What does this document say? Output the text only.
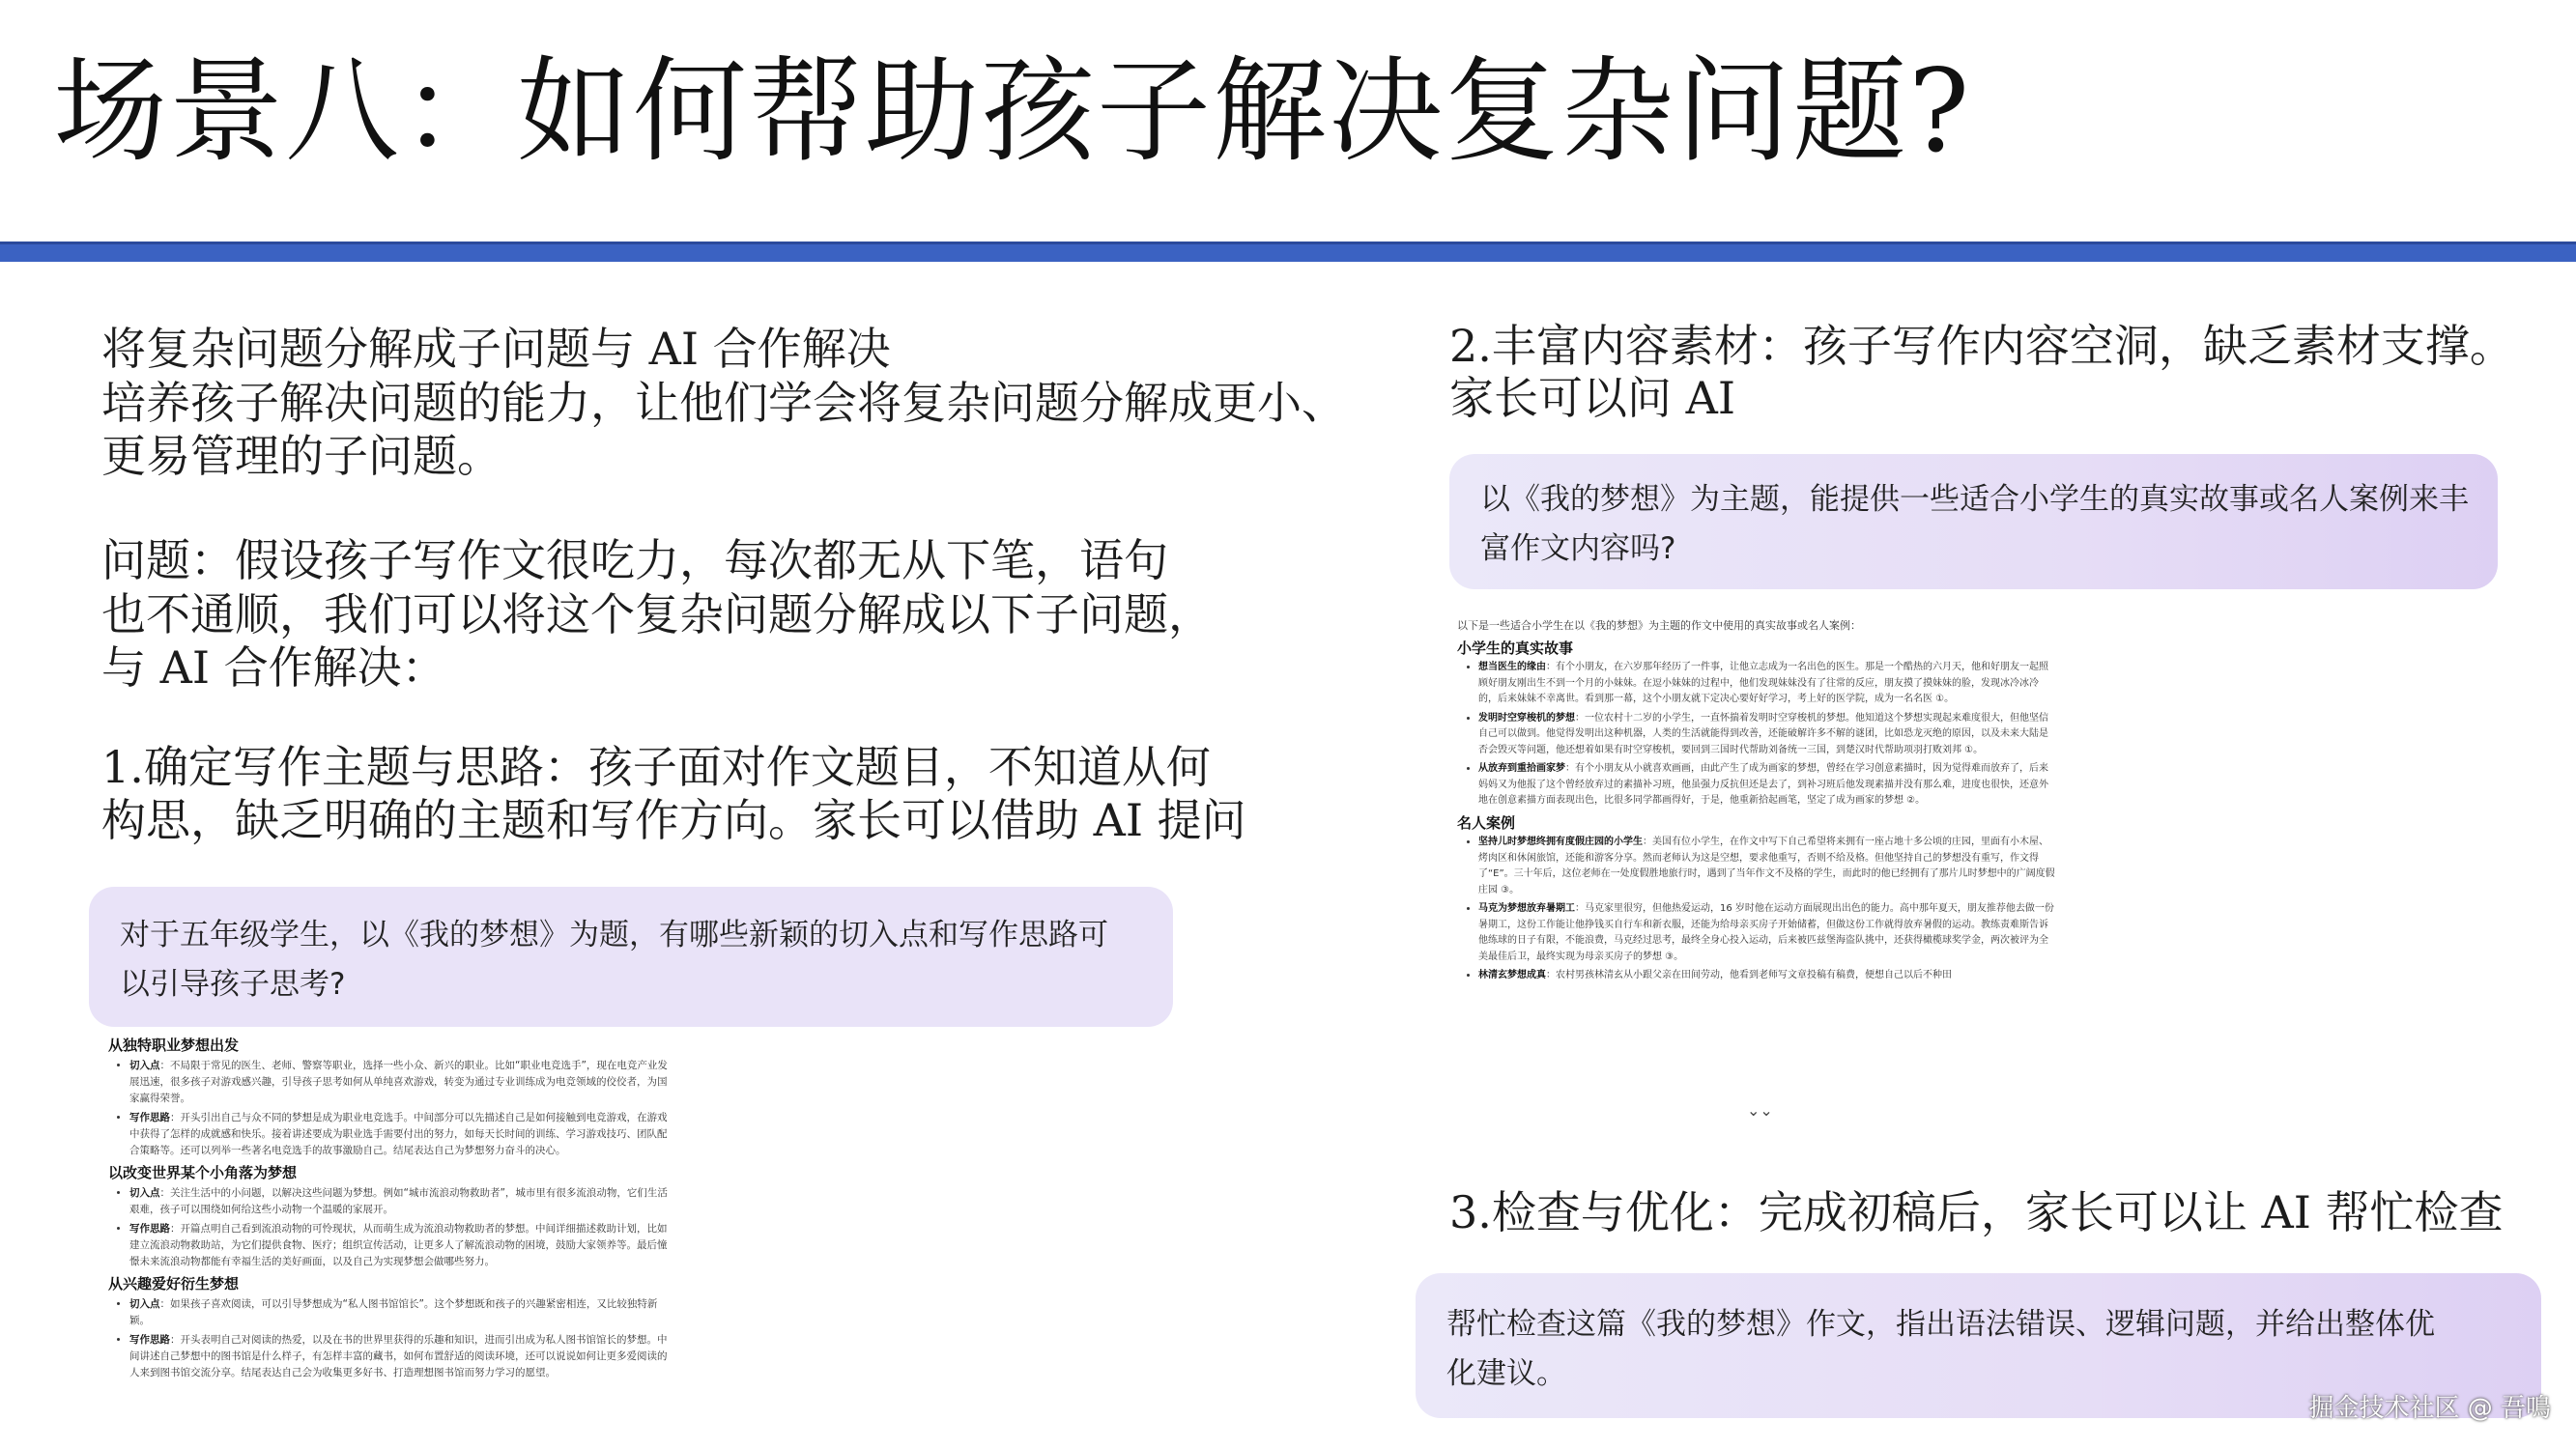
场景八：如何帮助孩子解决复杂问题?
将复杂问题分解成子问题与 AI 合作解决
培养孩子解决问题的能力，让他们学会将复杂问题分解成更小、
更易管理的子问题。
问题：假设孩子写作文很吃力，每次都无从下笔，语句
也不通顺，我们可以将这个复杂问题分解成以下子问题，
与 AI 合作解决：
1.确定写作主题与思路：孩子面对作文题目，不知道从何
构思，缺乏明确的主题和写作方向。家长可以借助 AI 提问
对于五年级学生，以《我的梦想》为题，有哪些新颖的切入点和写作思路可
以引导孩子思考?
从独特职业梦想出发
• 切入点：不局限于常见的医生、老师、警察等职业，选择一些小众、新兴的职业。比如“职业电竞选手”，现在电竞产业发展迅速，很多孩子对游戏感兴趣，引导孩子思考如何从单纯喜欢游戏，转变为通过专业训练成为电竞领域的佼佼者，为国家赢得荣誉。
• 写作思路：开头引出自己与众不同的梦想是成为职业电竞选手。中间部分可以先描述自己是如何接触到电竞游戏，在游戏中获得了怎样的成就感和快乐。接着讲述要成为职业选手需要付出的努力，如每天长时间的训练、学习游戏技巧、团队配合策略等。还可以列举一些著名电竞选手的故事激励自己。结尾表达自己为梦想努力奋斗的决心。
以改变世界某个小角落为梦想
• 切入点：关注生活中的小问题，以解决这些问题为梦想。例如“城市流浪动物救助者”，城市里有很多流浪动物，它们生活艰难，孩子可以围绕如何给这些小动物一个温暖的家展开。
• 写作思路：开篇点明自己看到流浪动物的可怜现状，从而萌生成为流浪动物救助者的梦想。中间详细描述救助计划，比如建立流浪动物救助站，为它们提供食物、医疗；组织宣传活动，让更多人了解流浪动物的困境，鼓励大家领养等。最后憧憬未来流浪动物都能有幸福生活的美好画面，以及自己为实现梦想会做哪些努力。
从兴趣爱好衍生梦想
• 切入点：如果孩子喜欢阅读，可以引导梦想成为“私人图书馆馆长”。这个梦想既和孩子的兴趣紧密相连，又比较独特新颖。
• 写作思路：开头表明自己对阅读的热爱，以及在书的世界里获得的乐趣和知识，进而引出成为私人图书馆馆长的梦想。中间讲述自己梦想中的图书馆是什么样子，有怎样丰富的藏书，如何布置舒适的阅读环境，还可以说说如何让更多爱阅读的人来到图书馆交流分享。结尾表达自己会为收集更多好书、打造理想图书馆而努力学习的愿望。
2.丰富内容素材：孩子写作内容空洞，缺乏素材支撑。
家长可以问 AI
以《我的梦想》为主题，能提供一些适合小学生的真实故事或名人案例来丰
富作文内容吗?
以下是一些适合小学生在以《我的梦想》为主题的作文中使用的真实故事或名人案例：
小学生的真实故事
• 想当医生的缘由：有个小朋友，在六岁那年经历了一件事，让他立志成为一名出色的医生。那是一个酷热的六月天，他和好朋友一起照顾好朋友刚出生不到一个月的小妹妹。在逗小妹妹的过程中，他们发现妹妹没有了往常的反应，朋友摸了摸妹妹的脸，发现冰冷冰冷的，后来妹妹不幸离世。看到那一幕，这个小朋友就下定决心要好好学习，考上好的医学院，成为一名名医 ①。
• 发明时空穿梭机的梦想：一位农村十二岁的小学生，一直怀揣着发明时空穿梭机的梦想。他知道这个梦想实现起来难度很大，但他坚信自己可以做到。他觉得发明出这种机器，人类的生活就能得到改善，还能破解许多不解的谜团，比如恐龙灭绝的原因，以及未来大陆是否会毁灭等问题，他还想着如果有时空穿梭机，要回到三国时代帮助刘备统一三国，到楚汉时代帮助项羽打败刘邦 ①。
• 从放弃到重拾画家梦：有个小朋友从小就喜欢画画，由此产生了成为画家的梦想，曾经在学习创意素描时，因为觉得难而放弃了，后来妈妈又为他报了这个曾经放弃过的素描补习班，他虽强力反抗但还是去了，到补习班后他发现素描并没有那么难，进度也很快，还意外地在创意素描方面表现出色，比很多同学都画得好，于是，他重新拾起画笔，坚定了成为画家的梦想 ②。
名人案例
• 坚持儿时梦想终拥有度假庄园的小学生：美国有位小学生，在作文中写下自己希望将来拥有一座占地十多公顷的庄园，里面有小木屋、烤肉区和休闲旅馆，还能和游客分享。然而老师认为这是空想，要求他重写，否则不给及格。但他坚持自己的梦想没有重写，作文得了“E”。三十年后，这位老师在一处度假胜地旅行时，遇到了当年作文不及格的学生，而此时的他已经拥有了那片儿时梦想中的广阔度假庄园 ③。
• 马克为梦想放弃暑期工：马克家里很穷，但他热爱运动，16 岁时他在运动方面展现出出色的能力。高中那年夏天，朋友推荐他去做一份暑期工，这份工作能让他挣钱买自行车和新衣服，还能为给母亲买房子开始储蓄，但做这份工作就得放弃暑假的运动。教练责难斯告诉他练球的日子有限，不能浪费，马克经过思考，最终全身心投入运动，后来被匹兹堡海盗队挑中，还获得橄榄球奖学金，两次被评为全美最佳后卫，最终实现为母亲买房子的梦想 ③。
• 林清玄梦想成真：农村男孩林清玄从小跟父亲在田间劳动，他看到老师写文章投稿有稿费，便想自己以后不种田
⌄⌄
3.检查与优化：完成初稿后，家长可以让 AI 帮忙检查
帮忙检查这篇《我的梦想》作文，指出语法错误、逻辑问题，并给出整体优
化建议。
掘金技术社区 @ 吾鳴
